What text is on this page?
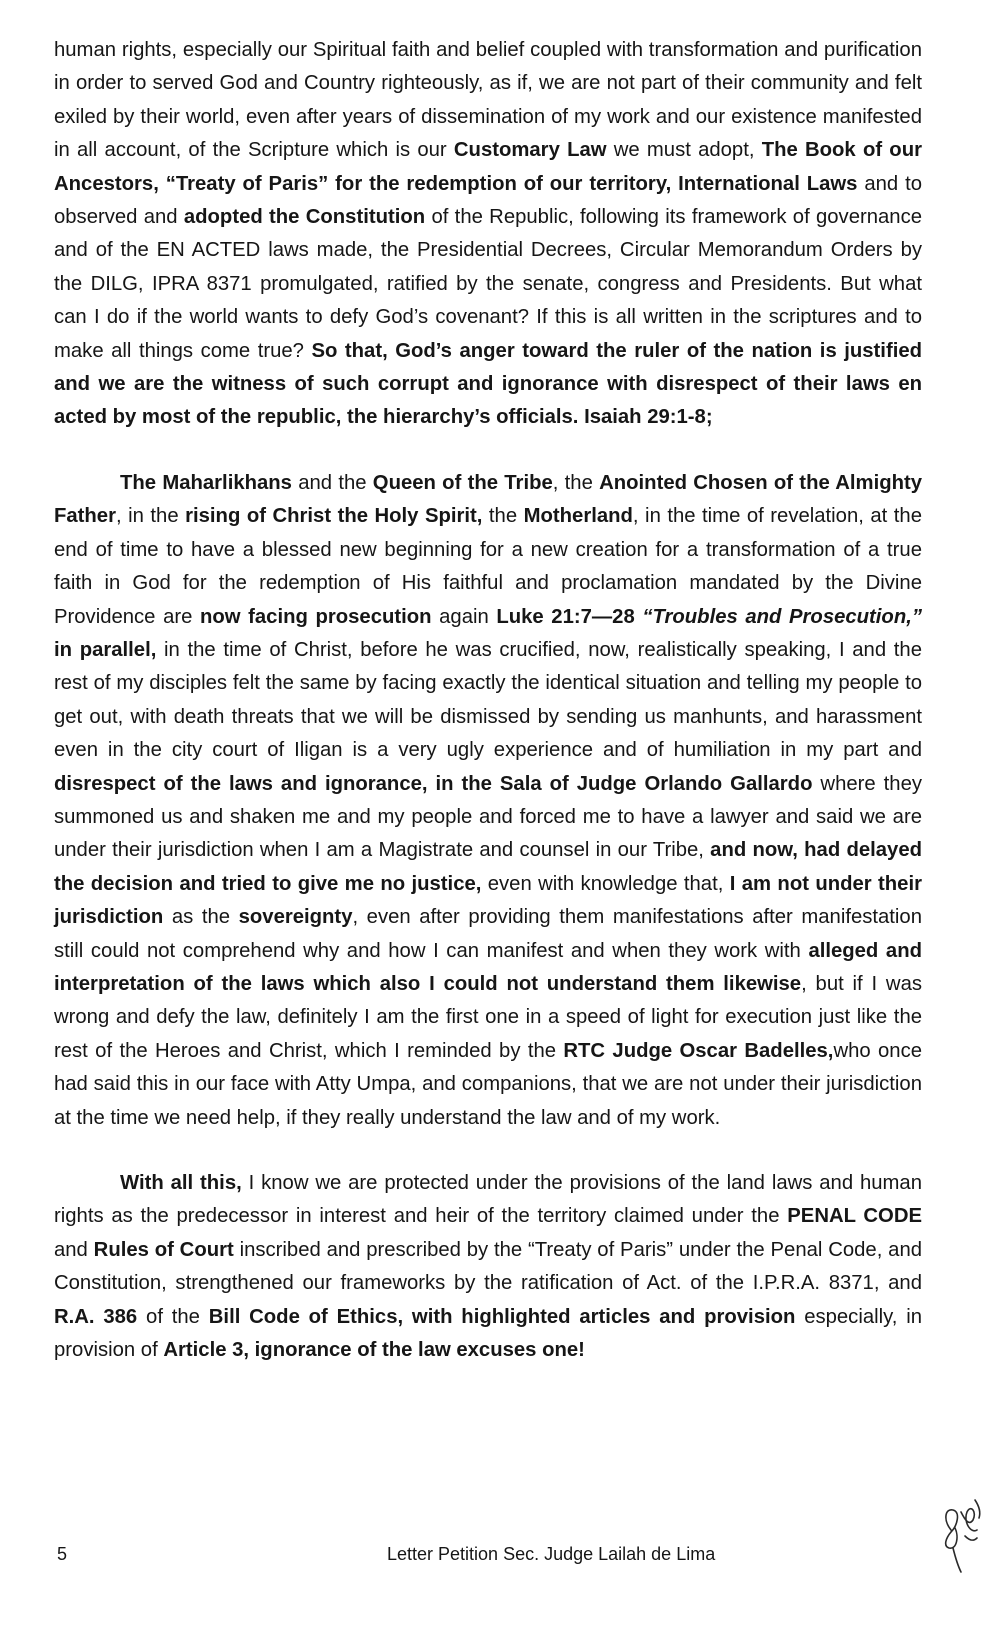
human rights, especially our Spiritual faith and belief coupled with transformation and purification in order to served God and Country righteously, as if, we are not part of their community and felt exiled by their world, even after years of dissemination of my work and our existence manifested in all account, of the Scripture which is our Customary Law we must adopt, The Book of our Ancestors, “Treaty of Paris” for the redemption of our territory, International Laws and to observed and adopted the Constitution of the Republic, following its framework of governance and of the EN ACTED laws made, the Presidential Decrees, Circular Memorandum Orders by the DILG, IPRA 8371 promulgated, ratified by the senate, congress and Presidents. But what can I do if the world wants to defy God’s covenant? If this is all written in the scriptures and to make all things come true? So that, God’s anger toward the ruler of the nation is justified and we are the witness of such corrupt and ignorance with disrespect of their laws en acted by most of the republic, the hierarchy’s officials. Isaiah 29:1-8;

The Maharlikhans and the Queen of the Tribe, the Anointed Chosen of the Almighty Father, in the rising of Christ the Holy Spirit, the Motherland, in the time of revelation, at the end of time to have a blessed new beginning for a new creation for a transformation of a true faith in God for the redemption of His faithful and proclamation mandated by the Divine Providence are now facing prosecution again Luke 21:7—28 “Troubles and Prosecution,” in parallel, in the time of Christ, before he was crucified, now, realistically speaking, I and the rest of my disciples felt the same by facing exactly the identical situation and telling my people to get out, with death threats that we will be dismissed by sending us manhunts, and harassment even in the city court of Iligan is a very ugly experience and of humiliation in my part and disrespect of the laws and ignorance, in the Sala of Judge Orlando Gallardo where they summoned us and shaken me and my people and forced me to have a lawyer and said we are under their jurisdiction when I am a Magistrate and counsel in our Tribe, and now, had delayed the decision and tried to give me no justice, even with knowledge that, I am not under their jurisdiction as the sovereignty, even after providing them manifestations after manifestation still could not comprehend why and how I can manifest and when they work with alleged and interpretation of the laws which also I could not understand them likewise, but if I was wrong and defy the law, definitely I am the first one in a speed of light for execution just like the rest of the Heroes and Christ, which I reminded by the RTC Judge Oscar Badelles,who once had said this in our face with Atty Umpa, and companions, that we are not under their jurisdiction at the time we need help, if they really understand the law and of my work.

With all this, I know we are protected under the provisions of the land laws and human rights as the predecessor in interest and heir of the territory claimed under the PENAL CODE and Rules of Court inscribed and prescribed by the “Treaty of Paris” under the Penal Code, and Constitution, strengthened our frameworks by the ratification of Act. of the I.P.R.A. 8371, and R.A. 386 of the Bill Code of Ethics, with highlighted articles and provision especially, in provision of Article 3, ignorance of the law excuses one!

5	Letter Petition Sec. Judge Lailah de Lima
